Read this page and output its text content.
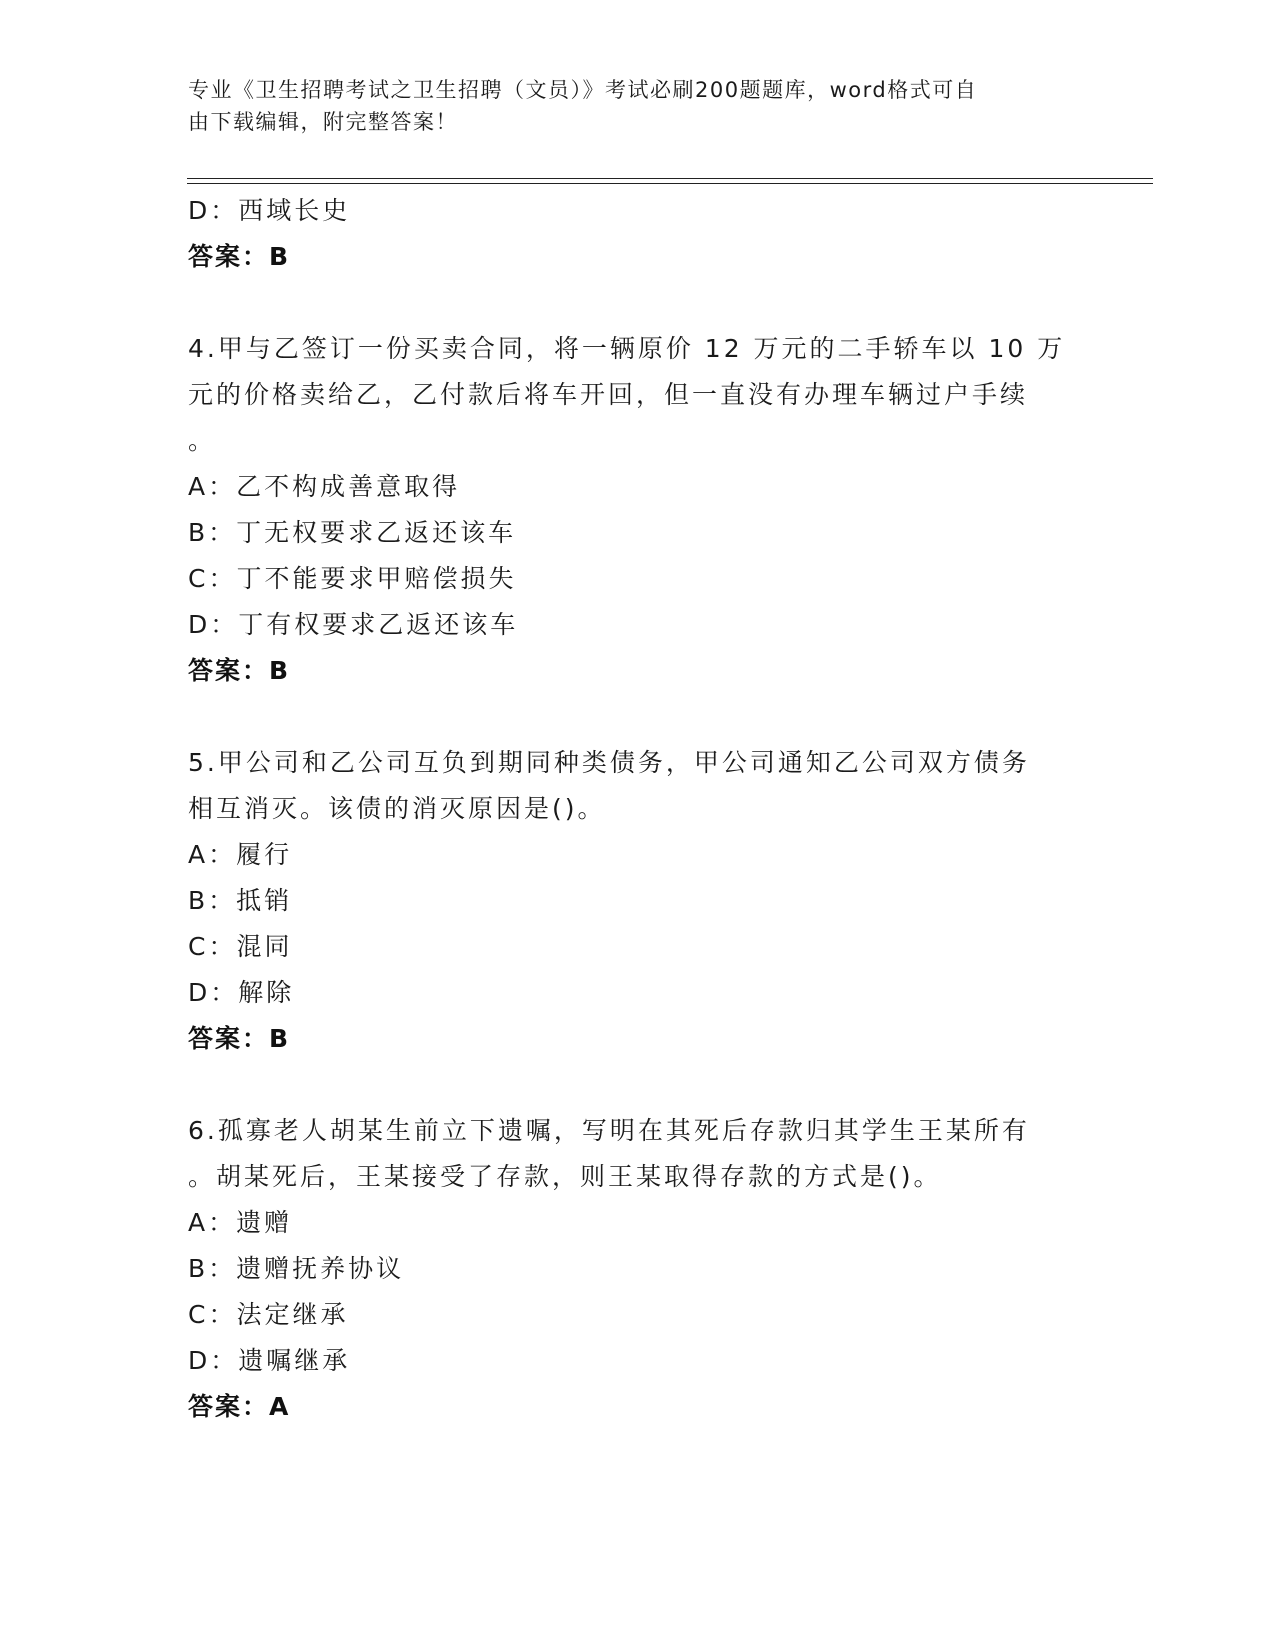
专业《卫生招聘考试之卫生招聘（文员）》考试必刷200题题库，word格式可自
由下载编辑，附完整答案！
D：西域长史
答案：B
4.甲与乙签订一份买卖合同，将一辆原价 12 万元的二手轿车以 10 万
元的价格卖给乙，乙付款后将车开回，但一直没有办理车辆过户手续
。
A：乙不构成善意取得
B：丁无权要求乙返还该车
C：丁不能要求甲赔偿损失
D：丁有权要求乙返还该车
答案：B
5.甲公司和乙公司互负到期同种类债务，甲公司通知乙公司双方债务
相互消灭。该债的消灭原因是()。
A：履行
B：抵销
C：混同
D：解除
答案：B
6.孤寡老人胡某生前立下遗嘱，写明在其死后存款归其学生王某所有
。胡某死后，王某接受了存款，则王某取得存款的方式是()。
A：遗赠
B：遗赠抚养协议
C：法定继承
D：遗嘱继承
答案：A
